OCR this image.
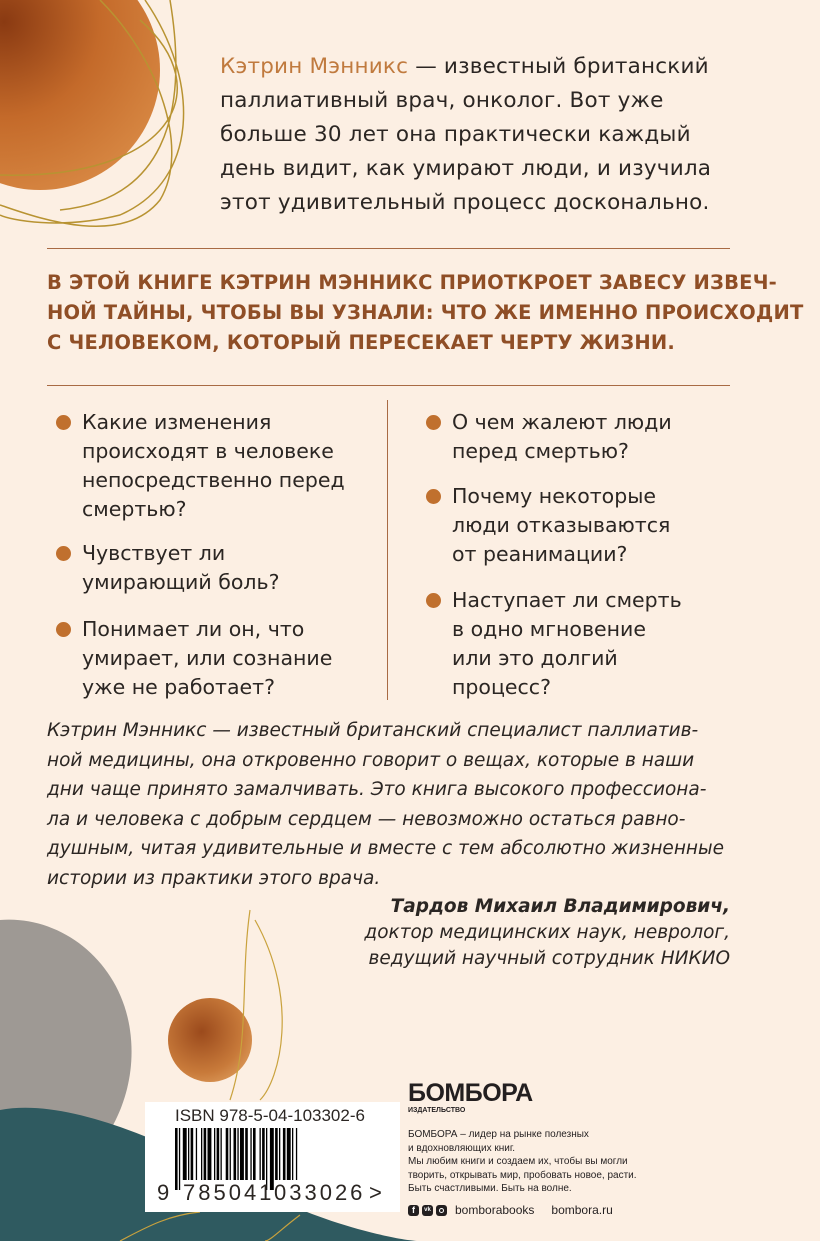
Кэтрин Мэнникс — известный британский
паллиативный врач, онколог. Вот уже
больше 30 лет она практически каждый
день видит, как умирают люди, и изучила
этот удивительный процесс досконально.
В ЭТОЙ КНИГЕ КЭТРИН МЭННИКС ПРИОТКРОЕТ ЗАВЕСУ ИЗВЕЧ-
НОЙ ТАЙНЫ, ЧТОБЫ ВЫ УЗНАЛИ: ЧТО ЖЕ ИМЕННО ПРОИСХОДИТ
С ЧЕЛОВЕКОМ, КОТОРЫЙ ПЕРЕСЕКАЕТ ЧЕРТУ ЖИЗНИ.
Какие изменения
происходят в человеке
непосредственно перед
смертью?
Чувствует ли
умирающий боль?
Понимает ли он, что
умирает, или сознание
уже не работает?
О чем жалеют люди
перед смертью?
Почему некоторые
люди отказываются
от реанимации?
Наступает ли смерть
в одно мгновение
или это долгий
процесс?
Кэтрин Мэнникс — известный британский специалист паллиатив-
ной медицины, она откровенно говорит о вещах, которые в наши
дни чаще принято замалчивать. Это книга высокого профессиона-
ла и человека с добрым сердцем — невозможно остаться равно-
душным, читая удивительные и вместе с тем абсолютно жизненные
истории из практики этого врача.
Тардов Михаил Владимирович,
доктор медицинских наук, невролог,
ведущий научный сотрудник НИКИО
ISBN 978-5-04-103302-6
9 785041 033026 >
БОМБОРА
ИЗДАТЕЛЬСТВО
БОМБОРА – лидер на рынке полезных
и вдохновляющих книг.
Мы любим книги и создаем их, чтобы вы могли
творить, открывать мир, пробовать новое, расти.
Быть счастливыми. Быть на волне.
f	vk bomborabooks bombora.ru
